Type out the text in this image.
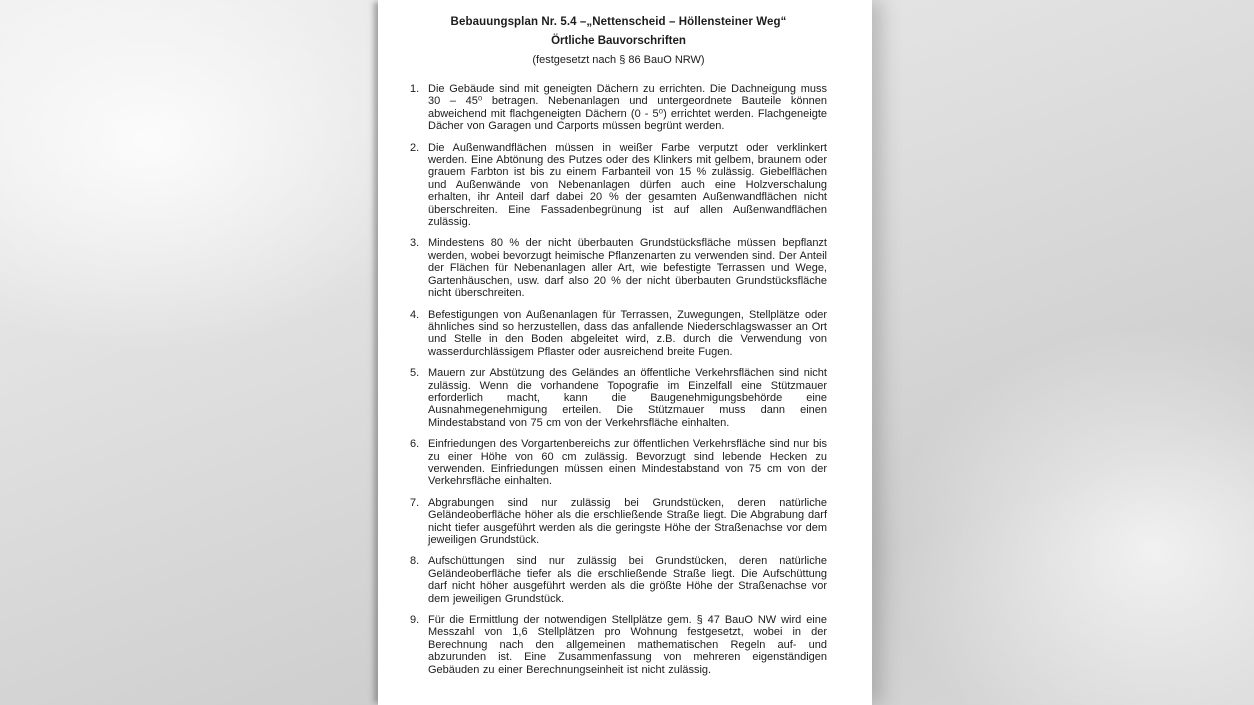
Bebauungsplan Nr. 5.4 –„Nettenscheid – Höllensteiner Weg“
Örtliche Bauvorschriften
(festgesetzt nach § 86 BauO NRW)
1. Die Gebäude sind mit geneigten Dächern zu errichten. Die Dachneigung muss 30 – 45⁰ betragen. Nebenanlagen und untergeordnete Bauteile können abweichend mit flachgeneigten Dächern (0 - 5⁰) errichtet werden. Flachgeneigte Dächer von Garagen und Carports müssen begrünt werden.
2. Die Außenwandflächen müssen in weißer Farbe verputzt oder verklinkert werden. Eine Abtönung des Putzes oder des Klinkers mit gelbem, braunem oder grauem Farbton ist bis zu einem Farbanteil von 15 % zulässig. Giebelflächen und Außenwände von Nebenanlagen dürfen auch eine Holzverschalung erhalten, ihr Anteil darf dabei 20 % der gesamten Außenwandflächen nicht überschreiten. Eine Fassadenbegrünung ist auf allen Außenwandflächen zulässig.
3. Mindestens 80 % der nicht überbauten Grundstücksfläche müssen bepflanzt werden, wobei bevorzugt heimische Pflanzenarten zu verwenden sind. Der Anteil der Flächen für Nebenanlagen aller Art, wie befestigte Terrassen und Wege, Gartenhäuschen, usw. darf also 20 % der nicht überbauten Grundstücksfläche nicht überschreiten.
4. Befestigungen von Außenanlagen für Terrassen, Zuwegungen, Stellplätze oder ähnliches sind so herzustellen, dass das anfallende Niederschlagswasser an Ort und Stelle in den Boden abgeleitet wird, z.B. durch die Verwendung von wasserdurchlässigem Pflaster oder ausreichend breite Fugen.
5. Mauern zur Abstützung des Geländes an öffentliche Verkehrsflächen sind nicht zulässig. Wenn die vorhandene Topografie im Einzelfall eine Stützmauer erforderlich macht, kann die Baugenehmigungsbehörde eine Ausnahmegenehmigung erteilen. Die Stützmauer muss dann einen Mindestabstand von 75 cm von der Verkehrsfläche einhalten.
6. Einfriedungen des Vorgartenbereichs zur öffentlichen Verkehrsfläche sind nur bis zu einer Höhe von 60 cm zulässig. Bevorzugt sind lebende Hecken zu verwenden. Einfriedungen müssen einen Mindestabstand von 75 cm von der Verkehrsfläche einhalten.
7. Abgrabungen sind nur zulässig bei Grundstücken, deren natürliche Geländeoberfläche höher als die erschließende Straße liegt. Die Abgrabung darf nicht tiefer ausgeführt werden als die geringste Höhe der Straßenachse vor dem jeweiligen Grundstück.
8. Aufschüttungen sind nur zulässig bei Grundstücken, deren natürliche Geländeoberfläche tiefer als die erschließende Straße liegt. Die Aufschüttung darf nicht höher ausgeführt werden als die größte Höhe der Straßenachse vor dem jeweiligen Grundstück.
9. Für die Ermittlung der notwendigen Stellplätze gem. § 47 BauO NW wird eine Messzahl von 1,6 Stellplätzen pro Wohnung festgesetzt, wobei in der Berechnung nach den allgemeinen mathematischen Regeln auf- und abzurunden ist. Eine Zusammenfassung von mehreren eigenständigen Gebäuden zu einer Berechnungseinheit ist nicht zulässig.
